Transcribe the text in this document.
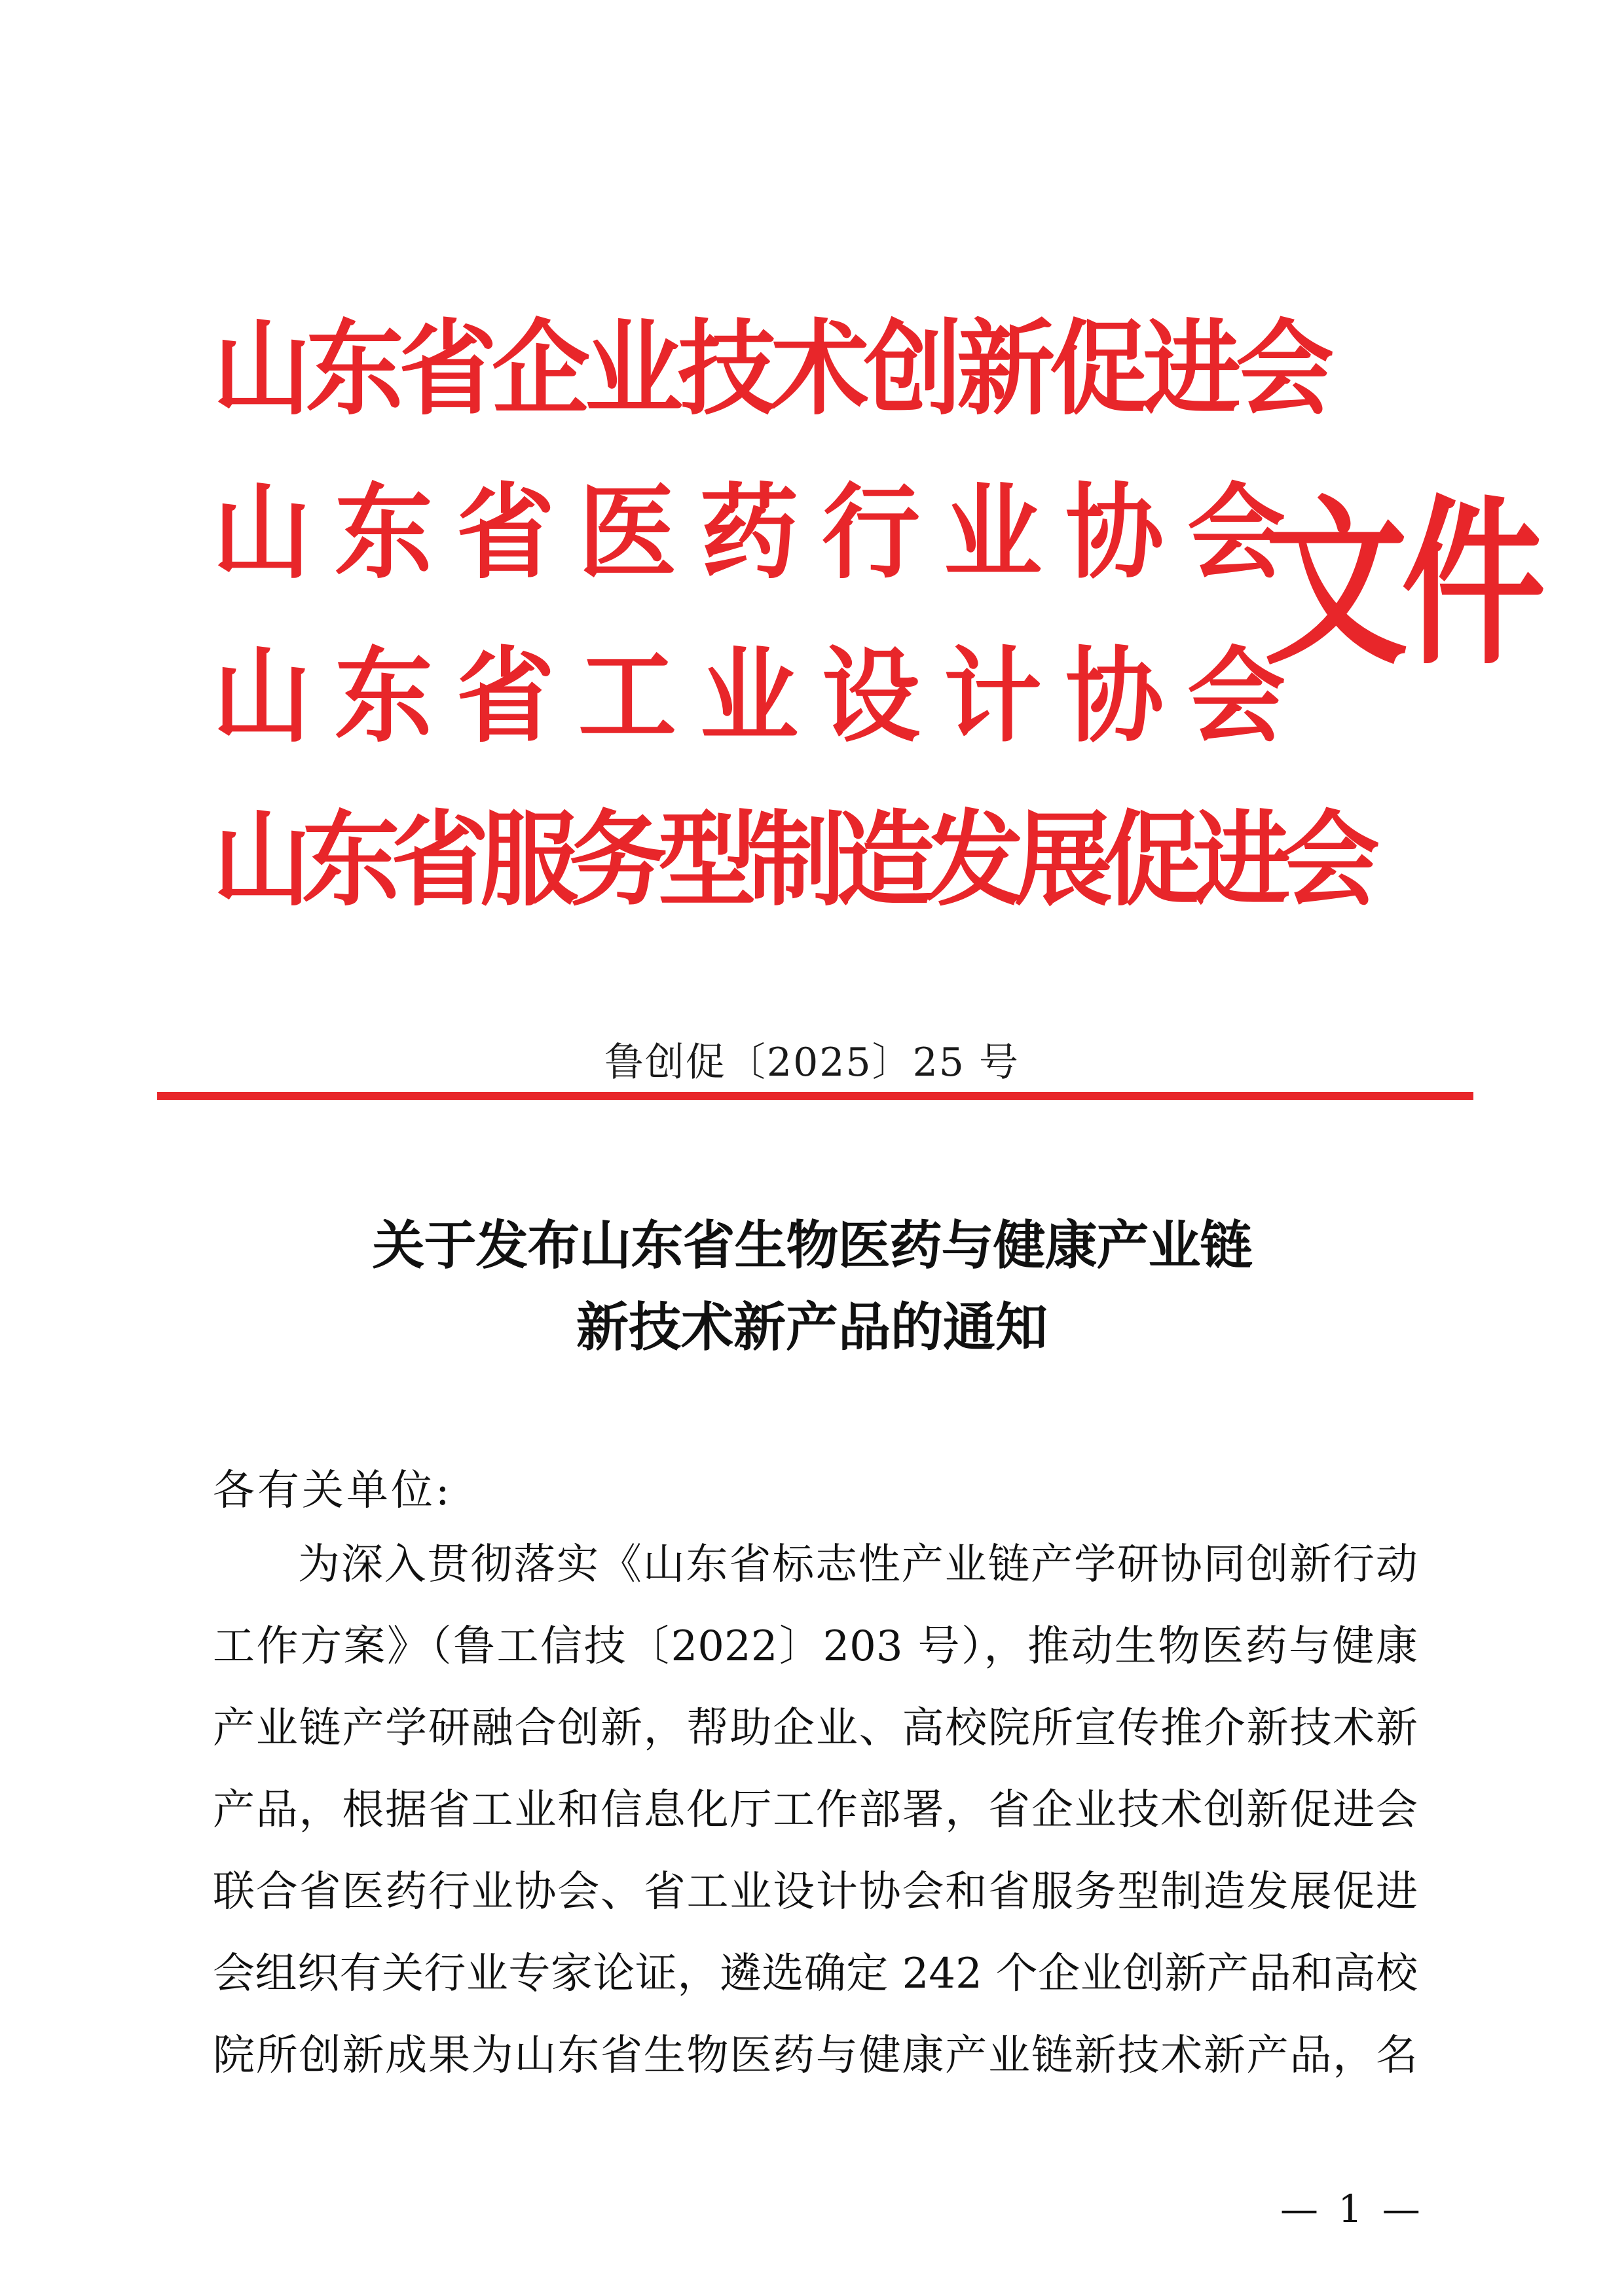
山东省企业技术创新促进会
山东省医药行业协会
山东省工业设计协会
山东省服务型制造发展促进会
文件
鲁创促〔2025〕25 号
关于发布山东省生物医药与健康产业链
新技术新产品的通知
各有关单位:
为深入贯彻落实《山东省标志性产业链产学研协同创新行动
工作方案》（鲁工信技〔2022〕203 号），推动生物医药与健康
产业链产学研融合创新，帮助企业、高校院所宣传推介新技术新
产品，根据省工业和信息化厅工作部署，省企业技术创新促进会
联合省医药行业协会、省工业设计协会和省服务型制造发展促进
会组织有关行业专家论证，遴选确定 242 个企业创新产品和高校
院所创新成果为山东省生物医药与健康产业链新技术新产品，名
— 1 —
